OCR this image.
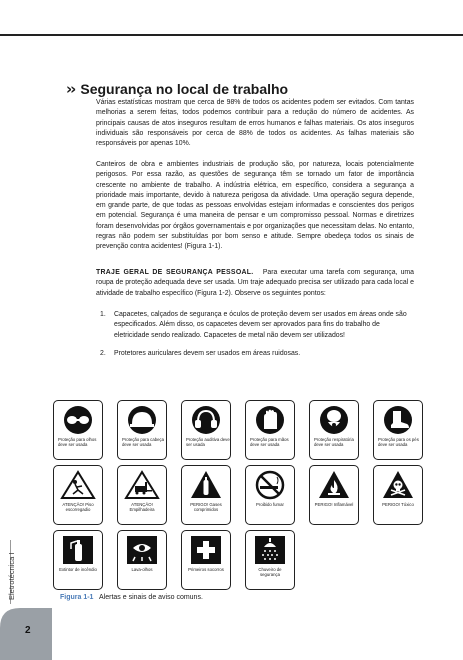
›› Segurança no local de trabalho

Várias estatísticas mostram que cerca de 98% de todos os acidentes podem ser evitados. Com tantas melhorias a serem feitas, todos podemos contribuir para a redução do número de acidentes. As principais causas de atos inseguros resultam de erros humanos e falhas materiais. Os atos inseguros individuais são responsáveis por cerca de 88% de todos os acidentes. As falhas materiais são responsáveis por apenas 10%.

Canteiros de obra e ambientes industriais de produção são, por natureza, locais potencialmente perigosos. Por essa razão, as questões de segurança têm se tornado um fator de importância crescente no ambiente de trabalho. A indústria elétrica, em específico, considera a segurança a prioridade mais importante, devido à natureza perigosa da atividade. Uma operação segura depende, em grande parte, de que todas as pessoas envolvidas estejam informadas e conscientes dos perigos em potencial. Segurança é uma maneira de pensar e um compromisso pessoal. Normas e diretrizes foram desenvolvidas por órgãos governamentais e por organizações que necessitam delas. No entanto, regras não podem ser substituídas por bom senso e atitude. Sempre obedeça todos os sinais de prevenção contra acidentes! (Figura 1-1).

TRAJE GERAL DE SEGURANÇA PESSOAL. Para executar uma tarefa com segurança, uma roupa de proteção adequada deve ser usada. Um traje adequado precisa ser utilizado para cada local e atividade de trabalho específico (Figura 1-2). Observe os seguintes pontos:

1.	Capacetes, calçados de segurança e óculos de proteção devem ser usados em áreas onde são especificados. Além disso, os capacetes devem ser aprovados para fins do trabalho de eletricidade sendo realizado. Capacetes de metal não devem ser utilizados!
2.	Protetores auriculares devem ser usados em áreas ruidosas.
Proteção para olhos deve ser usada
Proteção para cabeça deve ser usada
Proteção auditiva deve ser usada
Proteção para mãos deve ser usada
Proteção respiratória deve ser usada
Proteção para os pés deve ser usada
ATENÇÃO! Piso escorregadio
ATENÇÃO! Empilhadeira
PERIGO! Gases comprimidos
Proibido fumar	PERIGO! Inflamável	PERIGO! Tóxico
Extintor de incêndio	Lava-olhos	Primeiros socorros	Chuveiro de segurança
Figura 1-1 Alertas e sinais de aviso comuns.
Eletrotécnica I
2
